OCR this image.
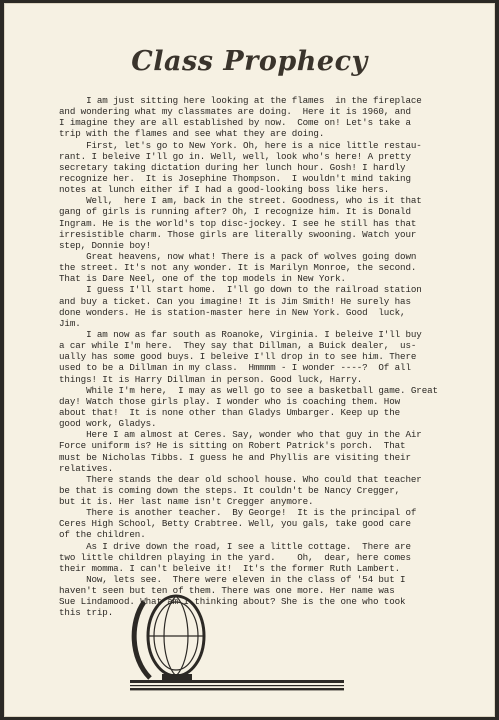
Class Prophecy
I am just sitting here looking at the flames  in the fireplace
and wondering what my classmates are doing.  Here it is 1960, and
I imagine they are all established by now.  Come on! Let's take a
trip with the flames and see what they are doing.
First, let's go to New York. Oh, here is a nice little restau-
rant. I beleive I'll go in. Well, well, look who's here! A pretty
secretary taking dictation during her lunch hour. Gosh! I hardly
recognize her.  It is Josephine Thompson.  I wouldn't mind taking
notes at lunch either if I had a good-looking boss like hers.
Well,  here I am, back in the street. Goodness, who is it that
gang of girls is running after? Oh, I recognize him. It is Donald
Ingram. He is the world's top disc-jockey. I see he still has that
irresistible charm. Those girls are literally swooning. Watch your
step, Donnie boy!
Great heavens, now what! There is a pack of wolves going down
the street. It's not any wonder. It is Marilyn Monroe, the second.
That is Dare Neel, one of the top models in New York.
I guess I'll start home.  I'll go down to the railroad station
and buy a ticket. Can you imagine! It is Jim Smith! He surely has
done wonders. He is station-master here in New York. Good  luck,
Jim.
I am now as far south as Roanoke, Virginia. I beleive I'll buy
a car while I'm here.  They say that Dillman, a Buick dealer,  us-
ually has some good buys. I beleive I'll drop in to see him. There
used to be a Dillman in my class.  Hmmmm - I wonder ----?  Of all
things! It is Harry Dillman in person. Good luck, Harry.
While I'm here,  I may as well go to see a basketball game. Great
day! Watch those girls play. I wonder who is coaching them. How
about that!  It is none other than Gladys Umbarger. Keep up the
good work, Gladys.
Here I am almost at Ceres. Say, wonder who that guy in the Air
Force uniform is? He is sitting on Robert Patrick's porch.  That
must be Nicholas Tibbs. I guess he and Phyllis are visiting their
relatives.
There stands the dear old school house. Who could that teacher
be that is coming down the steps. It couldn't be Nancy Cregger,
but it is. Her last name isn't Cregger anymore.
There is another teacher.  By George!  It is the principal of
Ceres High School, Betty Crabtree. Well, you gals, take good care
of the children.
As I drive down the road, I see a little cottage.  There are
two little children playing in the yard.    Oh,  dear, here comes
their momma. I can't beleive it!  It's the former Ruth Lambert.
Now, lets see.  There were eleven in the class of '54 but I
haven't seen but ten of them. There was one more. Her name was
Sue Lindamood. What am I thinking about? She is the one who took
this trip.
